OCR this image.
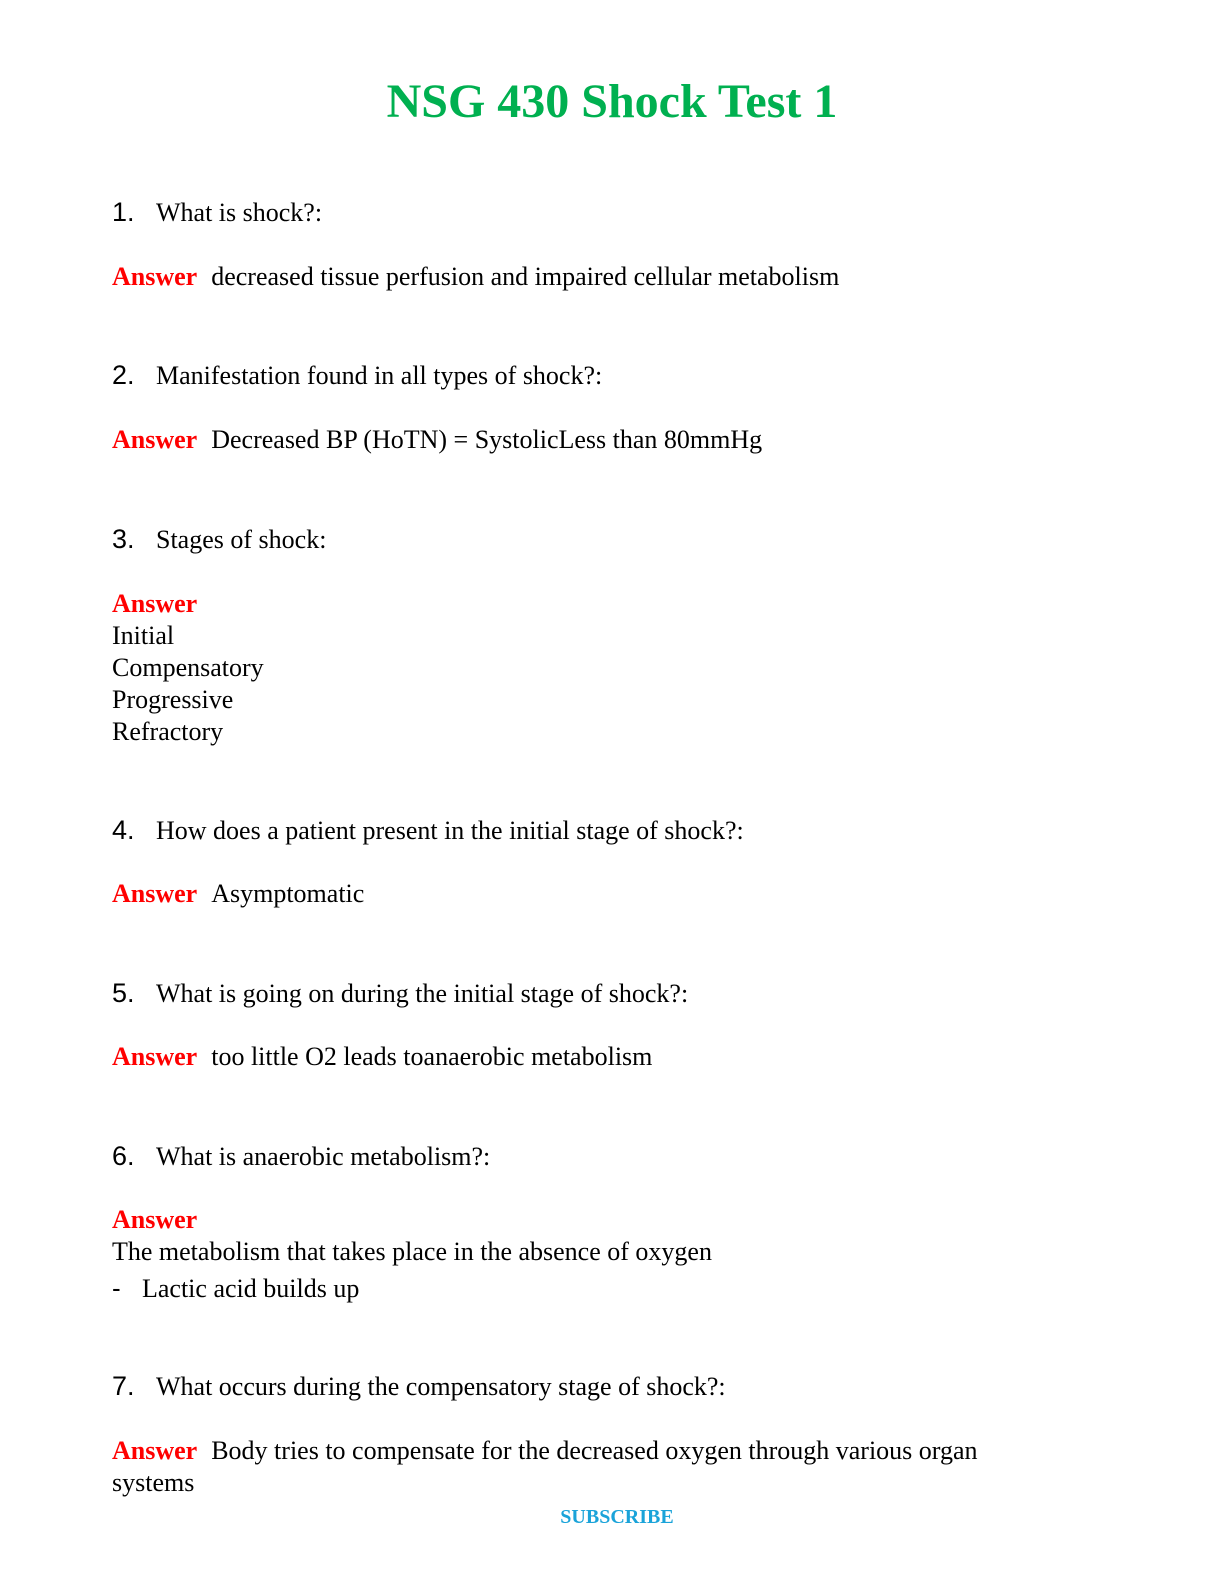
NSG 430 Shock Test 1
1. What is shock?:
Answer decreased tissue perfusion and impaired cellular metabolism
2. Manifestation found in all types of shock?:
Answer Decreased BP (HoTN) = SystolicLess than 80mmHg
3. Stages of shock:
Answer
Initial
Compensatory
Progressive
Refractory
4. How does a patient present in the initial stage of shock?:
Answer Asymptomatic
5. What is going on during the initial stage of shock?:
Answer too little O2 leads toanaerobic metabolism
6. What is anaerobic metabolism?:
Answer
The metabolism that takes place in the absence of oxygen
- Lactic acid builds up
7. What occurs during the compensatory stage of shock?:
Answer Body tries to compensate for the decreased oxygen through various organ
systems
SUBSCRIBE
